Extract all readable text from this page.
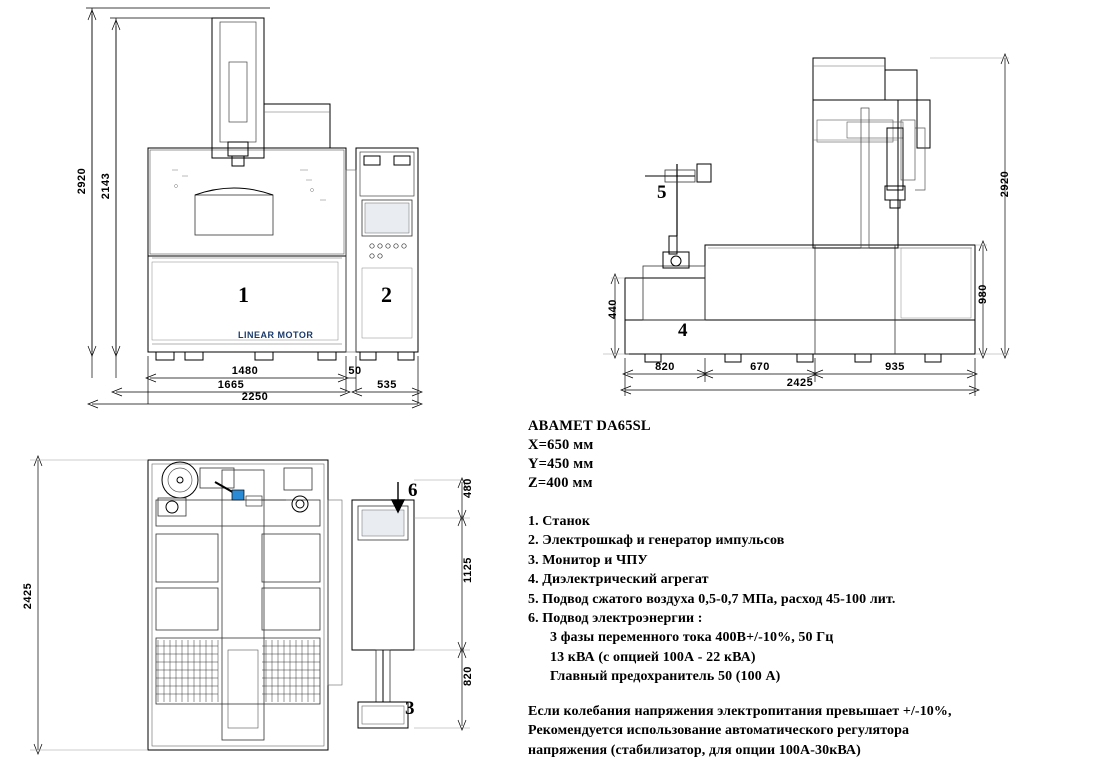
2920 2143
1480	50
1665	535
2250
1	2
LINEAR MOTOR
2920
980
440
820	670	935
2425
5
4
2425
480
1125
820
6
3
ABAMET DA65SL
X=650 мм
Y=450 мм
Z=400 мм
1. Станок
2. Электрошкаф и генератор импульсов
3. Монитор и ЧПУ
4. Диэлектрический агрегат
5. Подвод сжатого воздуха 0,5-0,7 МПа, расход 45-100 лит.
6. Подвод электроэнергии :
3 фазы переменного тока 400В+/-10%, 50 Гц
13 кВА (с опцией 100А - 22 кВА)
Главный предохранитель 50 (100 А)
Если колебания напряжения электропитания превышает +/-10%,
Рекомендуется использование автоматического регулятора
напряжения (стабилизатор, для опции 100А-30кВА)
